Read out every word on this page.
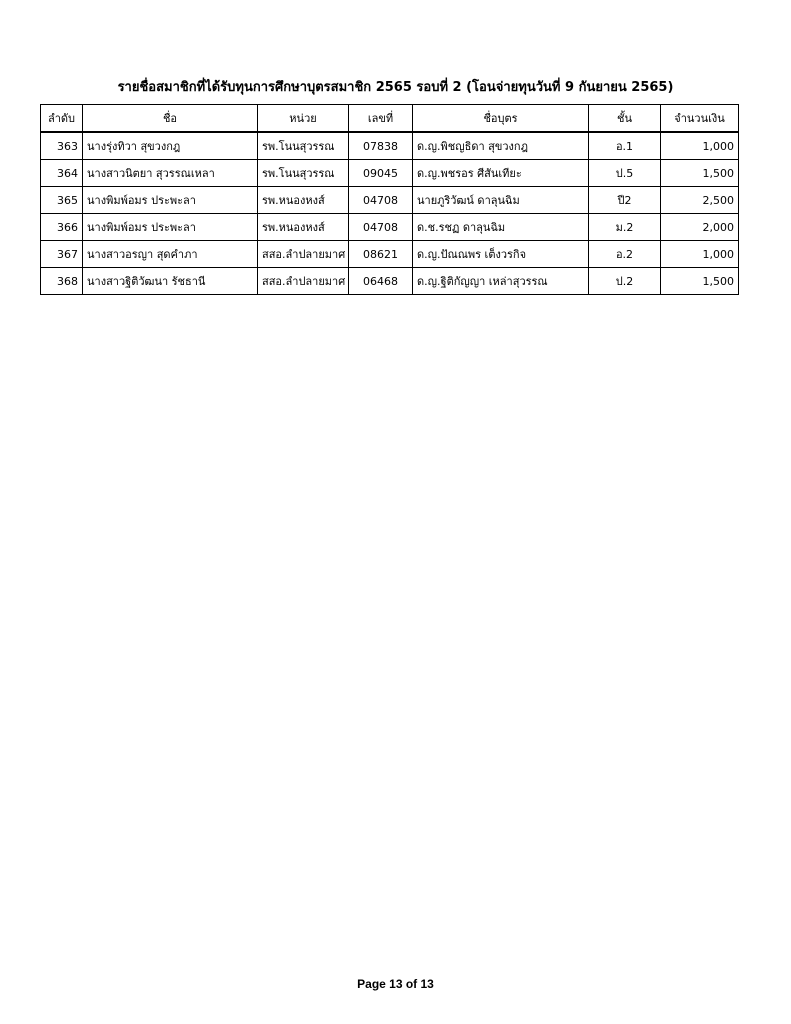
รายชื่อสมาชิกที่ได้รับทุนการศึกษาบุตรสมาชิก 2565 รอบที่ 2 (โอนจ่ายทุนวันที่ 9 กันยายน 2565)
ลำดับ	ชื่อ	หน่วย	เลขที่	ชื่อบุตร	ชั้น	จำนวนเงิน
363	นางรุ่งทิวา สุขวงกฎ	รพ.โนนสุวรรณ	07838	ด.ญ.พิชญธิดา สุขวงกฎ	อ.1	1,000
364	นางสาวนิตยา สุวรรณเหลา	รพ.โนนสุวรรณ	09045	ด.ญ.พชรอร ศีสันเทียะ	ป.5	1,500
365	นางพิมพ์อมร ประพะลา	รพ.หนองหงส์	04708	นายภูริวัฒน์ ดาลุนฉิม	ปี2	2,500
366	นางพิมพ์อมร ประพะลา	รพ.หนองหงส์	04708	ด.ช.รชฏ ดาลุนฉิม	ม.2	2,000
367	นางสาวอรญา สุดคำภา	สสอ.ลำปลายมาศ	08621	ด.ญ.ปัณณพร เต็งวรกิจ	อ.2	1,000
368	นางสาวฐิติวัฒนา รัชธานี	สสอ.ลำปลายมาศ	06468	ด.ญ.ฐิติกัญญา เหล่าสุวรรณ	ป.2	1,500
Page 13 of 13
